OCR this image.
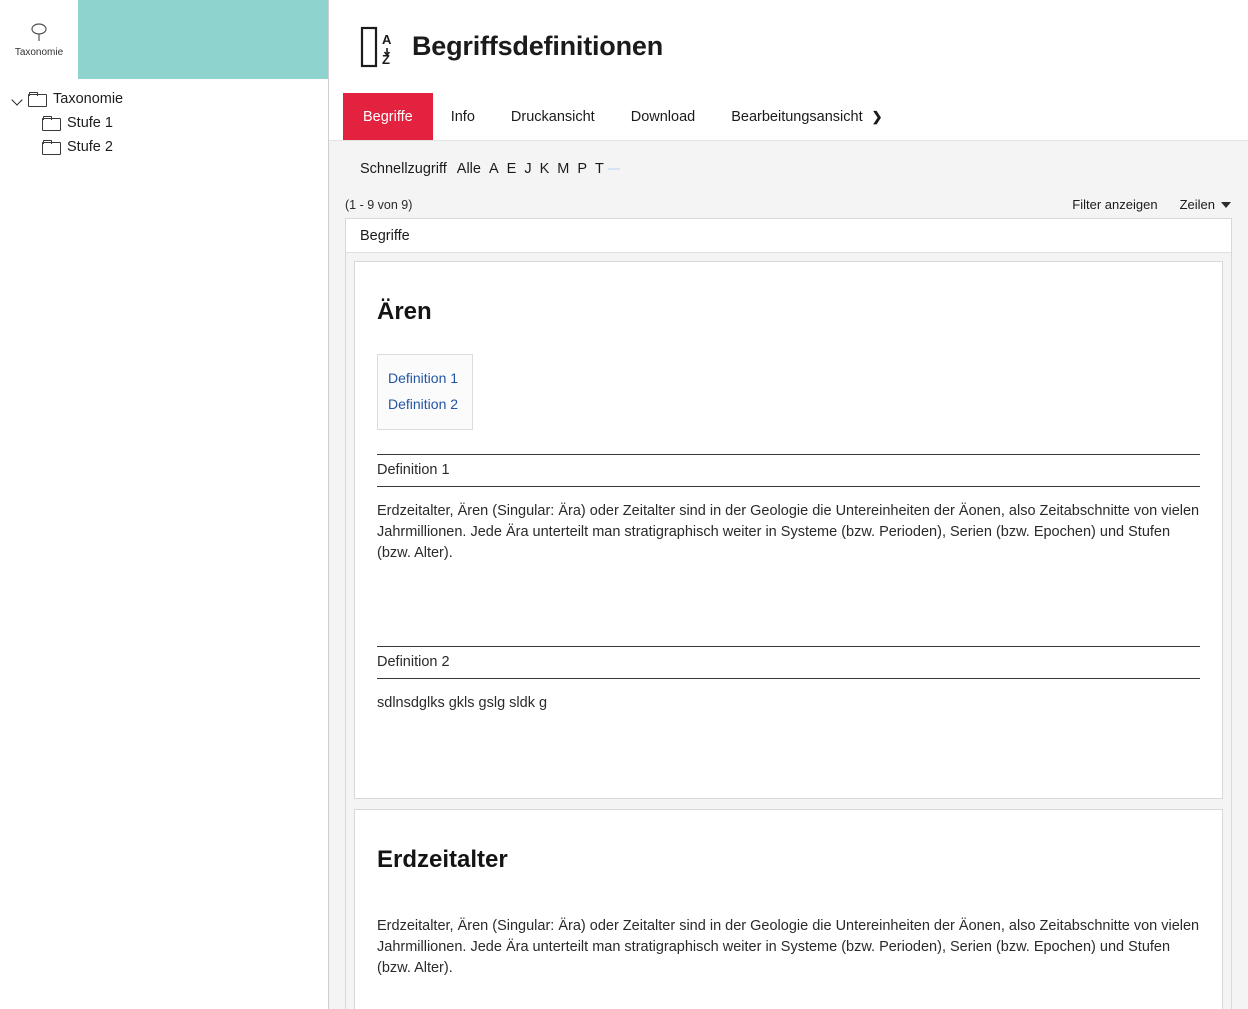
Taxonomie
Taxonomie
Stufe 1
Stufe 2
A
Z Begriffsdefinitionen
Begriffe	Info Druckansicht Download Bearbeitungsansicht ❯
Schnellzugriff Alle A E J K M P T
(1 - 9 von 9)	Filter anzeigen Zeilen
Begriffe
Ären
Definition 1
Definition 2
Definition 1
Erdzeitalter, Ären (Singular: Ära) oder Zeitalter sind in der Geologie die Untereinheiten der Äonen, also Zeitabschnitte von vielen Jahrmillionen. Jede Ära unterteilt man stratigraphisch weiter in Systeme (bzw. Perioden), Serien (bzw. Epochen) und Stufen (bzw. Alter).
Definition 2
sdlnsdglks gkls gslg sldk g
Erdzeitalter
Erdzeitalter, Ären (Singular: Ära) oder Zeitalter sind in der Geologie die Untereinheiten der Äonen, also Zeitabschnitte von vielen Jahrmillionen. Jede Ära unterteilt man stratigraphisch weiter in Systeme (bzw. Perioden), Serien (bzw. Epochen) und Stufen (bzw. Alter).
